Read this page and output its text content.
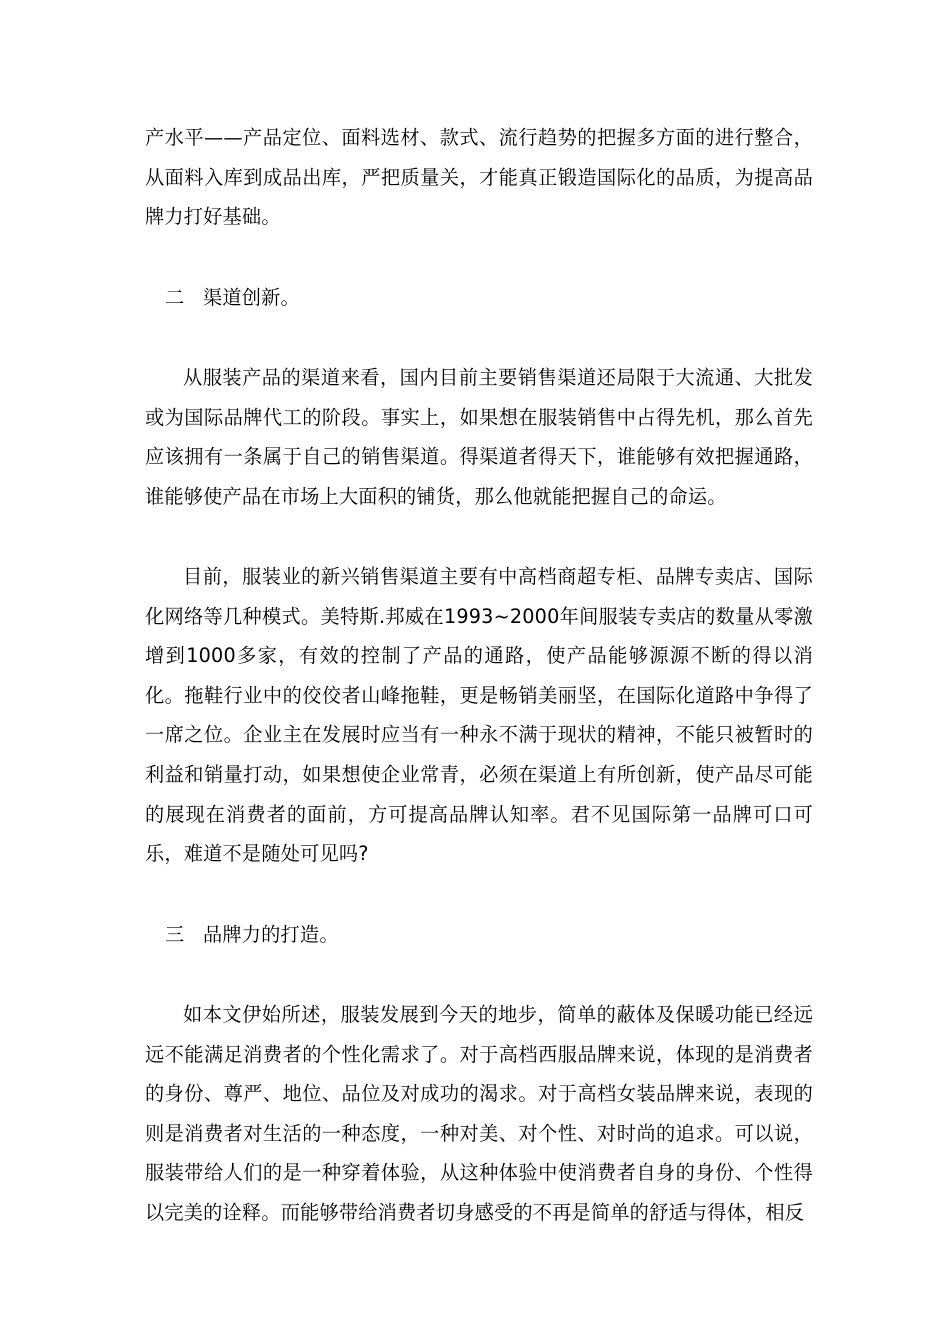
产水平——产品定位、面料选材、款式、流行趋势的把握多方面的进行整合，从面料入库到成品出库，严把质量关，才能真正锻造国际化的品质，为提高品牌力打好基础。

二 渠道创新。

从服装产品的渠道来看，国内目前主要销售渠道还局限于大流通、大批发或为国际品牌代工的阶段。事实上，如果想在服装销售中占得先机，那么首先应该拥有一条属于自己的销售渠道。得渠道者得天下，谁能够有效把握通路，谁能够使产品在市场上大面积的铺货，那么他就能把握自己的命运。

目前，服装业的新兴销售渠道主要有中高档商超专柜、品牌专卖店、国际化网络等几种模式。美特斯.邦威在1993~2000年间服装专卖店的数量从零激增到1000多家，有效的控制了产品的通路，使产品能够源源不断的得以消化。拖鞋行业中的佼佼者山峰拖鞋，更是畅销美丽坚，在国际化道路中争得了一席之位。企业主在发展时应当有一种永不满于现状的精神，不能只被暂时的利益和销量打动，如果想使企业常青，必须在渠道上有所创新，使产品尽可能的展现在消费者的面前，方可提高品牌认知率。君不见国际第一品牌可口可乐，难道不是随处可见吗?

三 品牌力的打造。

如本文伊始所述，服装发展到今天的地步，简单的蔽体及保暖功能已经远远不能满足消费者的个性化需求了。对于高档西服品牌来说，体现的是消费者的身份、尊严、地位、品位及对成功的渴求。对于高档女装品牌来说，表现的则是消费者对生活的一种态度，一种对美、对个性、对时尚的追求。可以说，服装带给人们的是一种穿着体验，从这种体验中使消费者自身的身份、个性得以完美的诠释。而能够带给消费者切身感受的不再是简单的舒适与得体，相反
